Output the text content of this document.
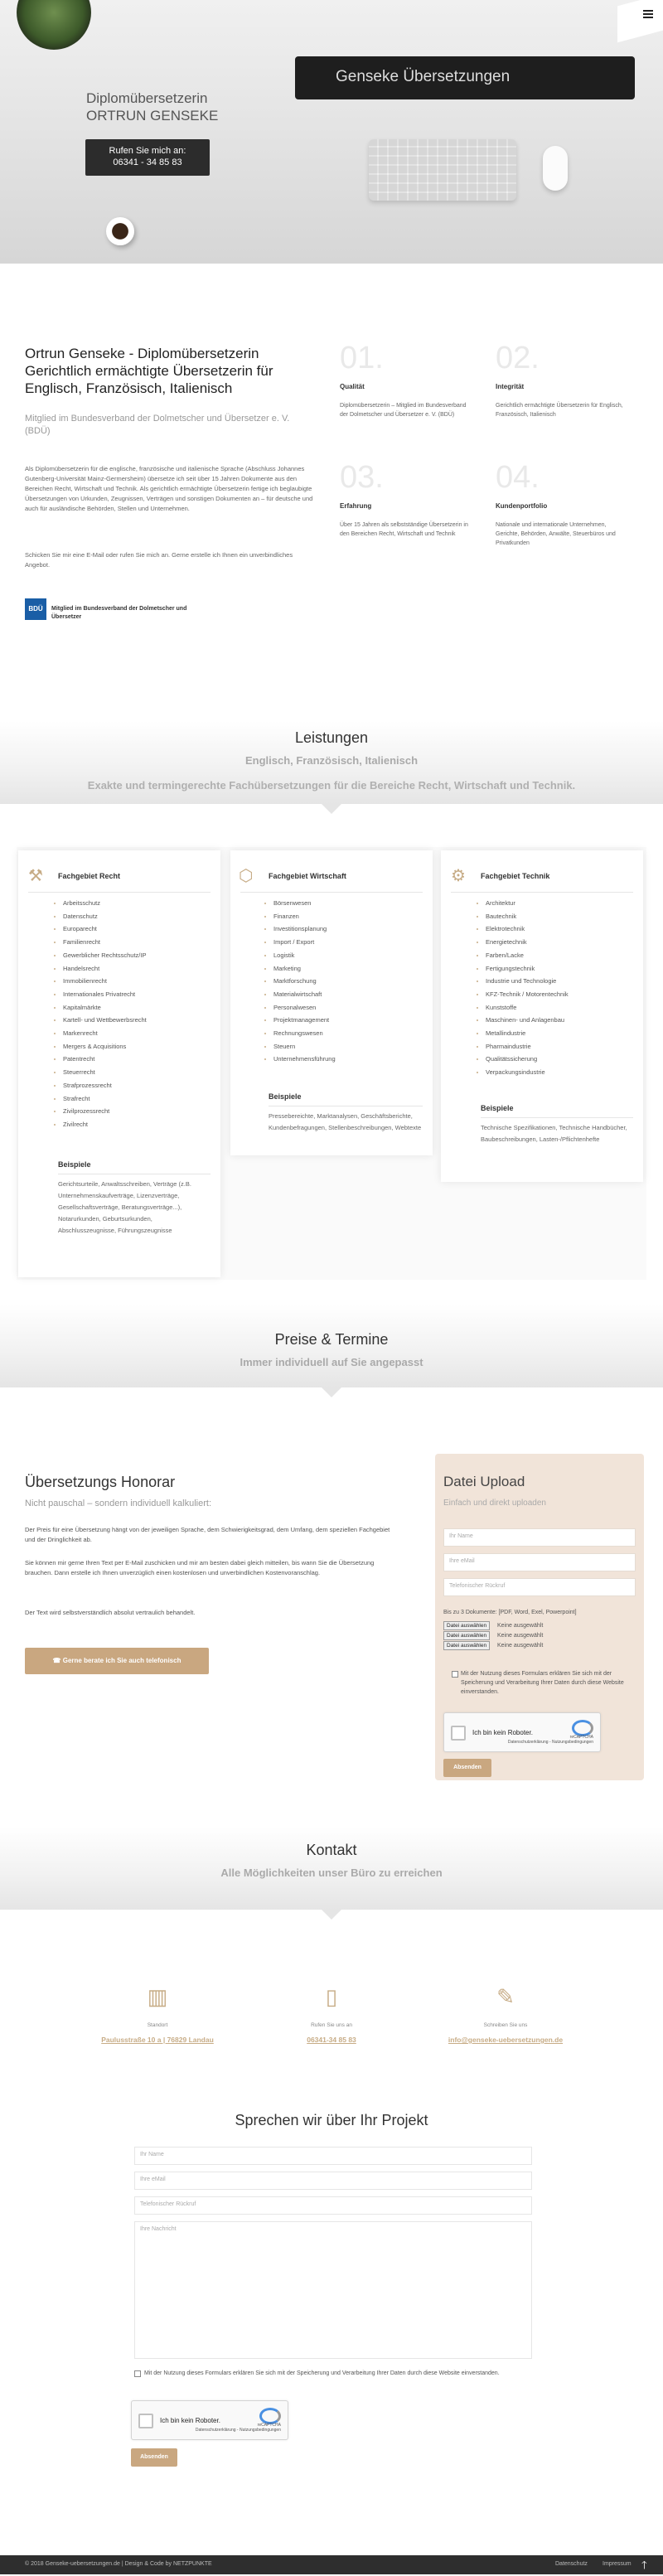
Genseke Übersetzungen
Diplomübersetzerin
ORTRUN GENSEKE
Rufen Sie mich an:
06341 - 34 85 83
Ortrun Genseke - Diplomübersetzerin Gerichtlich ermächtigte Übersetzerin für Englisch, Französisch, Italienisch
Mitglied im Bundesverband der Dolmetscher und Übersetzer e. V. (BDÜ)
Als Diplomübersetzerin für die englische, französische und italienische Sprache (Abschluss Johannes Gutenberg-Universität Mainz-Germersheim) übersetze ich seit über 15 Jahren Dokumente aus den Bereichen Recht, Wirtschaft und Technik. Als gerichtlich ermächtigte Übersetzerin fertige ich beglaubigte Übersetzungen von Urkunden, Zeugnissen, Verträgen und sonstigen Dokumenten an – für deutsche und auch für ausländische Behörden, Stellen und Unternehmen.
Schicken Sie mir eine E-Mail oder rufen Sie mich an. Gerne erstelle ich Ihnen ein unverbindliches Angebot.
BDÜ	Mitglied im Bundesverband der Dolmetscher und Übersetzer
01.
Qualität
Diplomübersetzerin – Mitglied im Bundesverband der Dolmetscher und Übersetzer e. V. (BDÜ)
02.
Integrität
Gerichtlich ermächtigte Übersetzerin für Englisch, Französisch, Italienisch
03.
Erfahrung
Über 15 Jahren als selbstständige Übersetzerin in den Bereichen Recht, Wirtschaft und Technik
04.
Kundenportfolio
Nationale und internationale Unternehmen, Gerichte, Behörden, Anwälte, Steuerbüros und Privatkunden
Leistungen
Englisch, Französisch, Italienisch
Exakte und termingerechte Fachübersetzungen für die Bereiche Recht, Wirtschaft und Technik.
⚒ Fachgebiet Recht
• Arbeitsschutz
• Datenschutz
• Europarecht
• Familienrecht
• Gewerblicher Rechtsschutz/IP
• Handelsrecht
• Immobilienrecht
• Internationales Privatrecht
• Kapitalmärkte
• Kartell- und Wettbewerbsrecht
• Markenrecht
• Mergers & Acquisitions
• Patentrecht
• Steuerrecht
• Strafprozessrecht
• Strafrecht
• Zivilprozessrecht
• Zivilrecht
Beispiele
Gerichtsurteile, Anwaltsschreiben, Verträge (z.B. Unternehmenskaufverträge, Lizenzverträge, Gesellschaftsverträge, Beratungsverträge...), Notarurkunden, Geburtsurkunden, Abschlusszeugnisse, Führungszeugnisse
⬡ Fachgebiet Wirtschaft
• Börsenwesen
• Finanzen
• Investitionsplanung
• Import / Export
• Logistik
• Marketing
• Marktforschung
• Materialwirtschaft
• Personalwesen
• Projektmanagement
• Rechnungswesen
• Steuern
• Unternehmensführung
Beispiele
Pressebereichte, Marktanalysen, Geschäftsberichte, Kundenbefragungen, Stellenbeschreibungen, Webtexte
⚙ Fachgebiet Technik
• Architektur
• Bautechnik
• Elektrotechnik
• Energietechnik
• Farben/Lacke
• Fertigungstechnik
• Industrie und Technologie
• KFZ-Technik / Motorentechnik
• Kunststoffe
• Maschinen- und Anlagenbau
• Metallindustrie
• Pharmaindustrie
• Qualitätssicherung
• Verpackungsindustrie
Beispiele
Technische Spezifikationen, Technische Handbücher, Baubeschreibungen, Lasten-/Pflichtenhefte
Preise & Termine
Immer individuell auf Sie angepasst
Übersetzungs Honorar
Nicht pauschal – sondern individuell kalkuliert:
Der Preis für eine Übersetzung hängt von der jeweiligen Sprache, dem Schwierigkeitsgrad, dem Umfang, dem speziellen Fachgebiet und der Dringlichkeit ab.
Sie können mir gerne Ihren Text per E-Mail zuschicken und mir am besten dabei gleich mitteilen, bis wann Sie die Übersetzung brauchen. Dann erstelle ich Ihnen unverzüglich einen kostenlosen und unverbindlichen Kostenvoranschlag.
Der Text wird selbstverständlich absolut vertraulich behandelt.
☎ Gerne berate ich Sie auch telefonisch
Datei Upload
Einfach und direkt uploaden
Ihr Name
Ihre eMail
Telefonischer Rückruf
Bis zu 3 Dokumente: [PDF, Word, Exel, Powerpoint]
Datei auswählen	Keine ausgewählt
Datei auswählen	Keine ausgewählt
Datei auswählen	Keine ausgewählt
Mit der Nutzung dieses Formulars erklären Sie sich mit der Speicherung und Verarbeitung Ihrer Daten durch diese Website einverstanden.
Ich bin kein Roboter.
reCAPTCHA
Datenschutzerklärung - Nutzungsbedingungen
Absenden
Kontakt
Alle Möglichkeiten unser Büro zu erreichen
▥
Standort
Paulusstraße 10 a | 76829 Landau
▯
Rufen Sie uns an
06341-34 85 83
✎
Schreiben Sie uns
info@genseke-uebersetzungen.de
Sprechen wir über Ihr Projekt
Ihr Name
Ihre eMail
Telefonischer Rückruf
Ihre Nachricht
Mit der Nutzung dieses Formulars erklären Sie sich mit der Speicherung und Verarbeitung Ihrer Daten durch diese Website einverstanden.
Ich bin kein Roboter.
reCAPTCHA
Datenschutzerklärung - Nutzungsbedingungen
Absenden
© 2018 Genseke-uebersetzungen.de | Design & Code by NETZPUNKTE	Datenschutz	Impressum 🡑
